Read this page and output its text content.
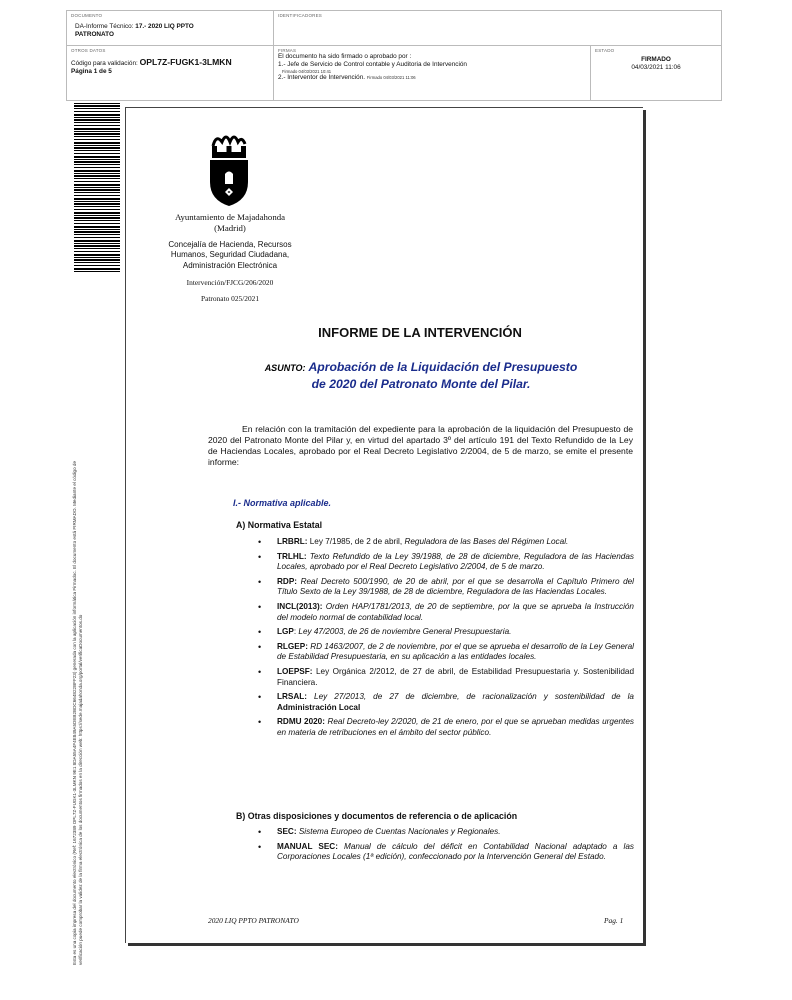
DOCUMENTO
DA-Informe Técnico: 17.- 2020 LIQ PPTO
PATRONATO
IDENTIFICADORES
OTROS DATOS
Código para validación: OPL7Z-FUGK1-3LMKN
Página 1 de 5
FIRMAS
El documento ha sido firmado o aprobado por :
1.- Jefe de Servicio de Control contable y Auditoria de Intervención
Firmado 04/03/2021 10:41
2.- Interventor de Intervención. Firmado 04/03/2021 11:06
ESTADO
FIRMADO
04/03/2021 11:06
Esta es una copia impresa del documento electrónico (Ref: 1672389 OPL7Z-FUGK1-3LMKN 9E1 8DA55A4F4E849A5DEB2BDC664822BFF23) generada con la aplicación informática Firmadoc. El documento está FIRMADO. Mediante el código de verificación puede comprobar la validez de la firma electrónica de los documentos firmados en la dirección web: https://sede.majadahonda.org/portal/verificaDocumentos.do
Ayuntamiento de Majadahonda
(Madrid)
Concejalía de Hacienda, Recursos Humanos, Seguridad Ciudadana, Administración Electrónica
Intervención/FJCG/206/2020
Patronato 025/2021
INFORME DE LA INTERVENCIÓN
ASUNTO: Aprobación de la Liquidación del Presupuesto de 2020 del Patronato Monte del Pilar.
En relación con la tramitación del expediente para la aprobación de la liquidación del Presupuesto de 2020 del Patronato Monte del Pilar y, en virtud del apartado 3º del artículo 191 del Texto Refundido de la Ley de Haciendas Locales, aprobado por el Real Decreto Legislativo 2/2004, de 5 de marzo, se emite el presente informe:
I.- Normativa aplicable.
A) Normativa Estatal
• LRBRL: Ley 7/1985, de 2 de abril, Reguladora de las Bases del Régimen Local.
• TRLHL: Texto Refundido de la Ley 39/1988, de 28 de diciembre, Reguladora de las Haciendas Locales, aprobado por el Real Decreto Legislativo 2/2004, de 5 de marzo.
• RDP: Real Decreto 500/1990, de 20 de abril, por el que se desarrolla el Capítulo Primero del Título Sexto de la Ley 39/1988, de 28 de diciembre, Reguladora de las Haciendas Locales.
• INCL(2013): Orden HAP/1781/2013, de 20 de septiembre, por la que se aprueba la Instrucción del modelo normal de contabilidad local.
• LGP: Ley 47/2003, de 26 de noviembre General Presupuestaria.
• RLGEP: RD 1463/2007, de 2 de noviembre, por el que se aprueba el desarrollo de la Ley General de Estabilidad Presupuestaria, en su aplicación a las entidades locales.
• LOEPSF: Ley Orgánica 2/2012, de 27 de abril, de Estabilidad Presupuestaria y. Sostenibilidad Financiera.
• LRSAL: Ley 27/2013, de 27 de diciembre, de racionalización y sostenibilidad de la Administración Local
• RDMU 2020: Real Decreto-ley 2/2020, de 21 de enero, por el que se aprueban medidas urgentes en materia de retribuciones en el ámbito del sector público.
B) Otras disposiciones y documentos de referencia o de aplicación
• SEC: Sistema Europeo de Cuentas Nacionales y Regionales.
• MANUAL SEC: Manual de cálculo del déficit en Contabilidad Nacional adaptado a las Corporaciones Locales (1ª edición), confeccionado por la Intervención General del Estado.
2020 LIQ PPTO PATRONATO	Pag. 1
